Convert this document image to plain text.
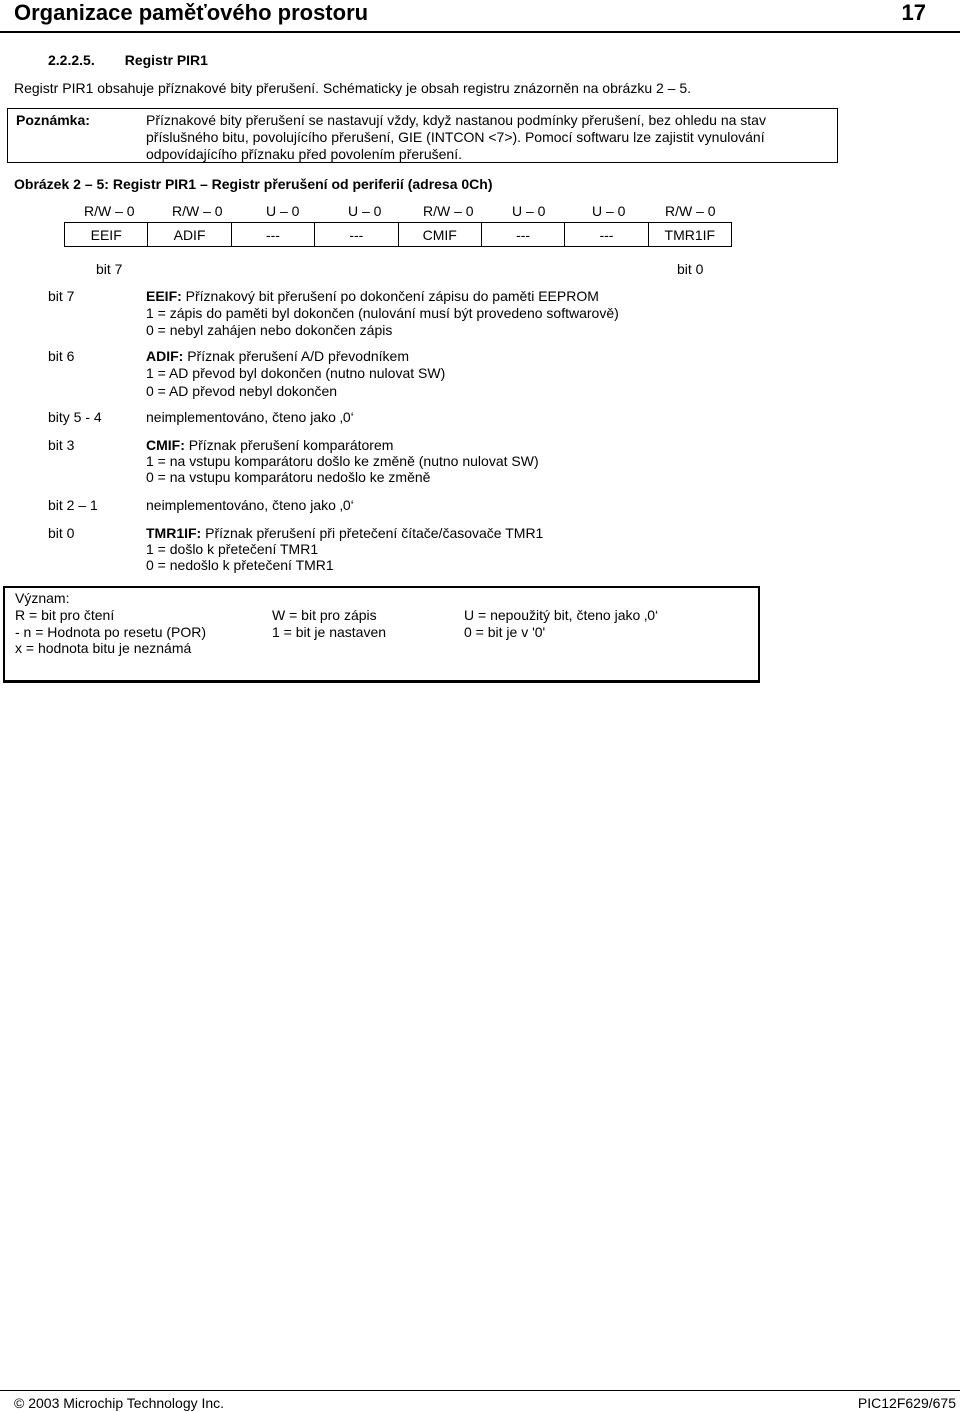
Organizace paměťového prostoru	17
2.2.2.5. Registr PIR1
Registr PIR1 obsahuje příznakové bity přerušení. Schématicky je obsah registru znázorněn na obrázku 2 – 5.
Poznámka:	Příznakové bity přerušení se nastavují vždy, když nastanou podmínky přerušení, bez ohledu na stav
příslušného bitu, povolujícího přerušení, GIE (INTCON <7>). Pomocí softwaru lze zajistit vynulování
odpovídajícího příznaku před povolením přerušení.
Obrázek 2 – 5: Registr PIR1 – Registr přerušení od periferií (adresa 0Ch)
R/W – 0	R/W – 0	U – 0	U – 0	R/W – 0	U – 0	U – 0	R/W – 0
EEIF	ADIF	---	---	CMIF	---	---	TMR1IF
bit 7	bit 0
bit 7	EEIF: Příznakový bit přerušení po dokončení zápisu do paměti EEPROM
1 = zápis do paměti byl dokončen (nulování musí být provedeno softwarově)
0 = nebyl zahájen nebo dokončen zápis
bit 6	ADIF: Příznak přerušení A/D převodníkem
1 = AD převod byl dokončen (nutno nulovat SW)
0 = AD převod nebyl dokončen
bity 5 - 4	neimplementováno, čteno jako ‚0‘
bit 3	CMIF: Příznak přerušení komparátorem
1 = na vstupu komparátoru došlo ke změně (nutno nulovat SW)
0 = na vstupu komparátoru nedošlo ke změně
bit 2 – 1	neimplementováno, čteno jako ‚0‘
bit 0	TMR1IF: Příznak přerušení při přetečení čítače/časovače TMR1
1 = došlo k přetečení TMR1
0 = nedošlo k přetečení TMR1
Význam:
R = bit pro čtení	W = bit pro zápis	U = nepoužitý bit, čteno jako ‚0‘
- n = Hodnota po resetu (POR)	1 = bit je nastaven	0 = bit je v '0'
x = hodnota bitu je neznámá
© 2003 Microchip Technology Inc.	PIC12F629/675
